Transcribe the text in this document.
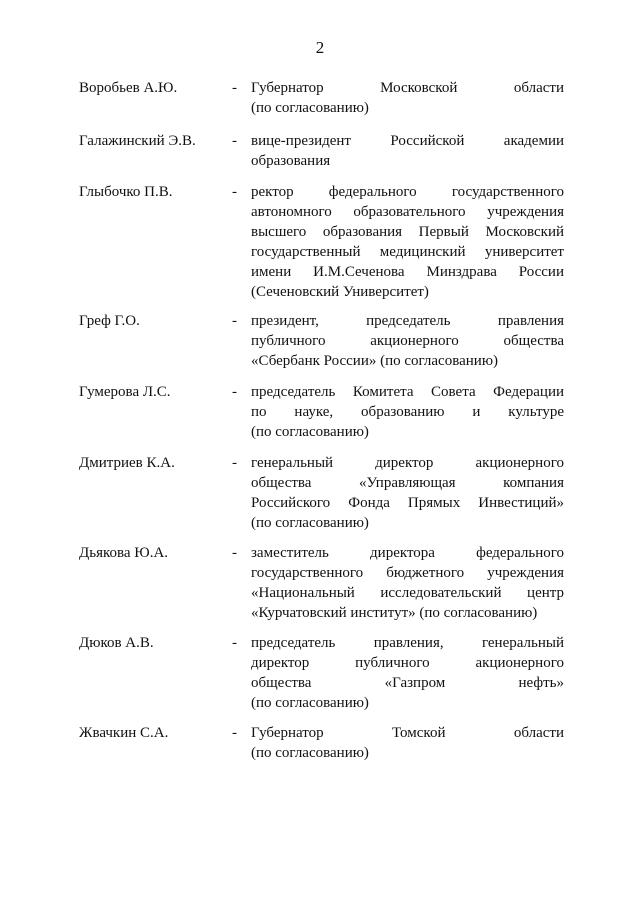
2
Воробьев А.Ю.	- Губернатор Московской области
(по согласованию)
Галажинский Э.В. - вице-президент Российской академии
образования
Глыбочко П.В.	- ректор федерального государственного
автономного образовательного учреждения
высшего образования Первый Московский
государственный медицинский университет
имени И.М.Сеченова Минздрава России
(Сеченовский Университет)
Греф Г.О.	- президент, председатель правления
публичного акционерного общества
«Сбербанк России» (по согласованию)
Гумерова Л.С.	- председатель Комитета Совета Федерации
по науке, образованию и культуре
(по согласованию)
Дмитриев К.А.	- генеральный директор акционерного
общества «Управляющая компания
Российского Фонда Прямых Инвестиций»
(по согласованию)
Дьякова Ю.А.	- заместитель директора федерального
государственного бюджетного учреждения
«Национальный исследовательский центр
«Курчатовский институт» (по согласованию)
Дюков А.В.	- председатель правления, генеральный
директор публичного акционерного
общества «Газпром нефть»
(по согласованию)
Жвачкин С.А.	- Губернатор Томской области
(по согласованию)
